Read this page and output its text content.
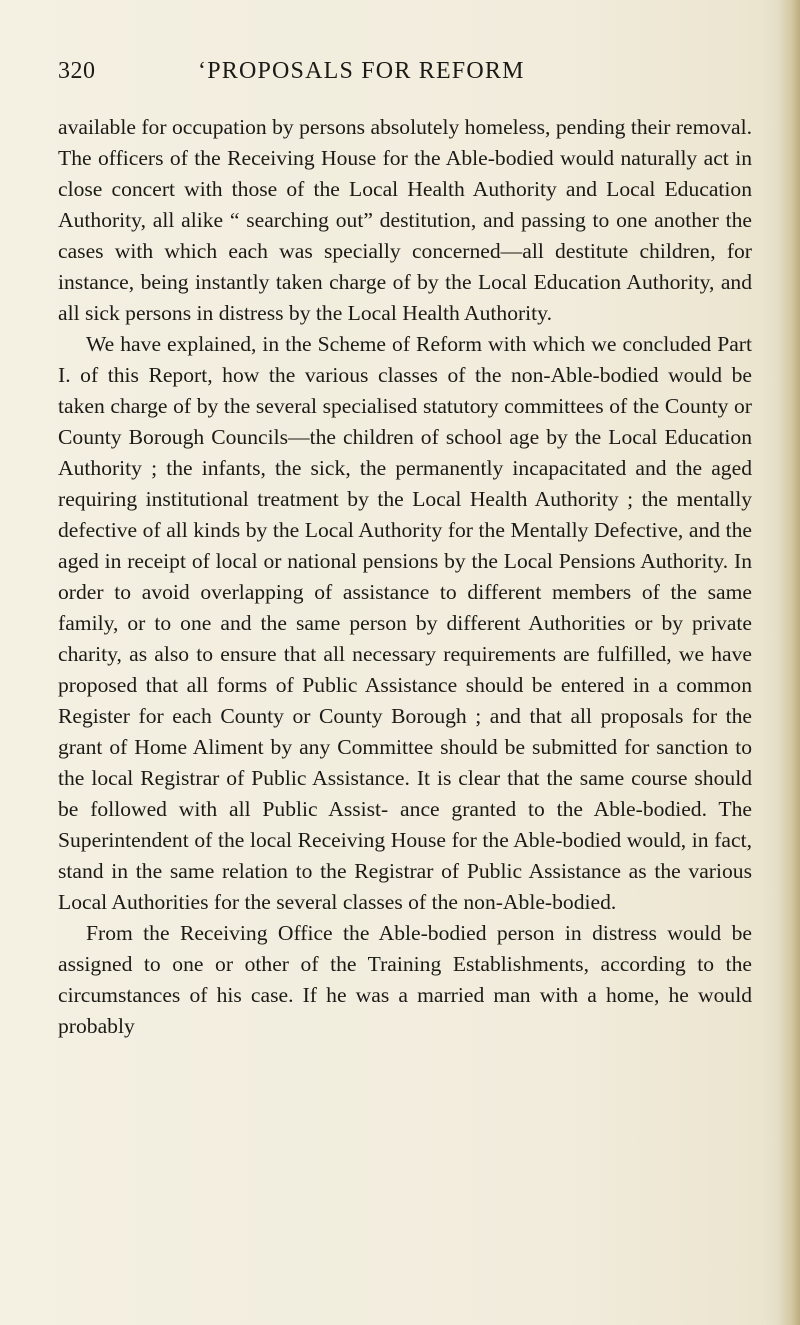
320	‘PROPOSALS FOR REFORM

available for occupation by persons absolutely homeless, pending their removal. The officers of the Receiving House for the Able-bodied would naturally act in close concert with those of the Local Health Authority and Local Education Authority, all alike “ searching out” destitution, and passing to one another the cases with which each was specially concerned—all destitute children, for instance, being instantly taken charge of by the Local Education Authority, and all sick persons in distress by the Local Health Authority.

We have explained, in the Scheme of Reform with which we concluded Part I. of this Report, how the various classes of the non-Able-bodied would be taken charge of by the several specialised statutory committees of the County or County Borough Councils—the children of school age by the Local Education Authority ; the infants, the sick, the permanently incapacitated and the aged requiring institutional treatment by the Local Health Authority ; the mentally defective of all kinds by the Local Authority for the Mentally Defective, and the aged in receipt of local or national pensions by the Local Pensions Authority. In order to avoid overlapping of assistance to different members of the same family, or to one and the same person by different Authorities or by private charity, as also to ensure that all necessary requirements are fulfilled, we have proposed that all forms of Public Assistance should be entered in a common Register for each County or County Borough ; and that all proposals for the grant of Home Aliment by any Committee should be submitted for sanction to the local Registrar of Public Assistance. It is clear that the same course should be followed with all Public Assist- ance granted to the Able-bodied. The Superintendent of the local Receiving House for the Able-bodied would, in fact, stand in the same relation to the Registrar of Public Assistance as the various Local Authorities for the several classes of the non-Able-bodied.

From the Receiving Office the Able-bodied person in distress would be assigned to one or other of the Training Establishments, according to the circumstances of his case. If he was a married man with a home, he would probably
